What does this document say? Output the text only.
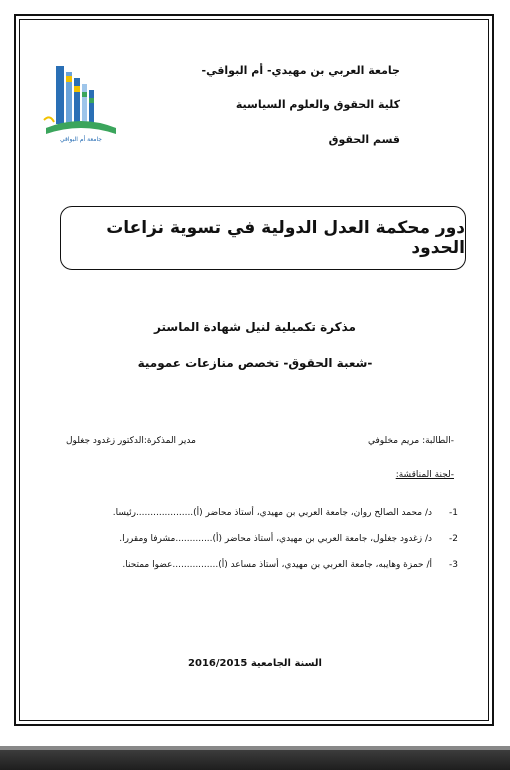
جامعة أم البواقي
جامعة العربي بن مهيدي- أم البواقي-
كلية الحقوق والعلوم السياسية
قسم الحقوق
دور محكمة العدل الدولية في تسوية نزاعات الحدود
مذكرة تكميلية لنيل شهادة الماستر
-شعبة الحقوق- تخصص منازعات عمومية
-الطالبة: مريم مخلوفي
مدير المذكرة:الدكتور زغدود جغلول
-لجنة المناقشة:
1-
د/ محمد الصالح روان، جامعة العربي بن مهيدي، أستاذ محاضر (أ)....................رئيسا.
2-
د/ زغدود جغلول، جامعة العربي بن مهيدي، أستاذ محاضر (أ).............مشرفا ومقررا.
3-
أ/ حمزة وهايبه، جامعة العربي بن مهيدي، أستاذ مساعد (أ)................عضوا ممتحنا.
السنة الجامعية 2016/2015
